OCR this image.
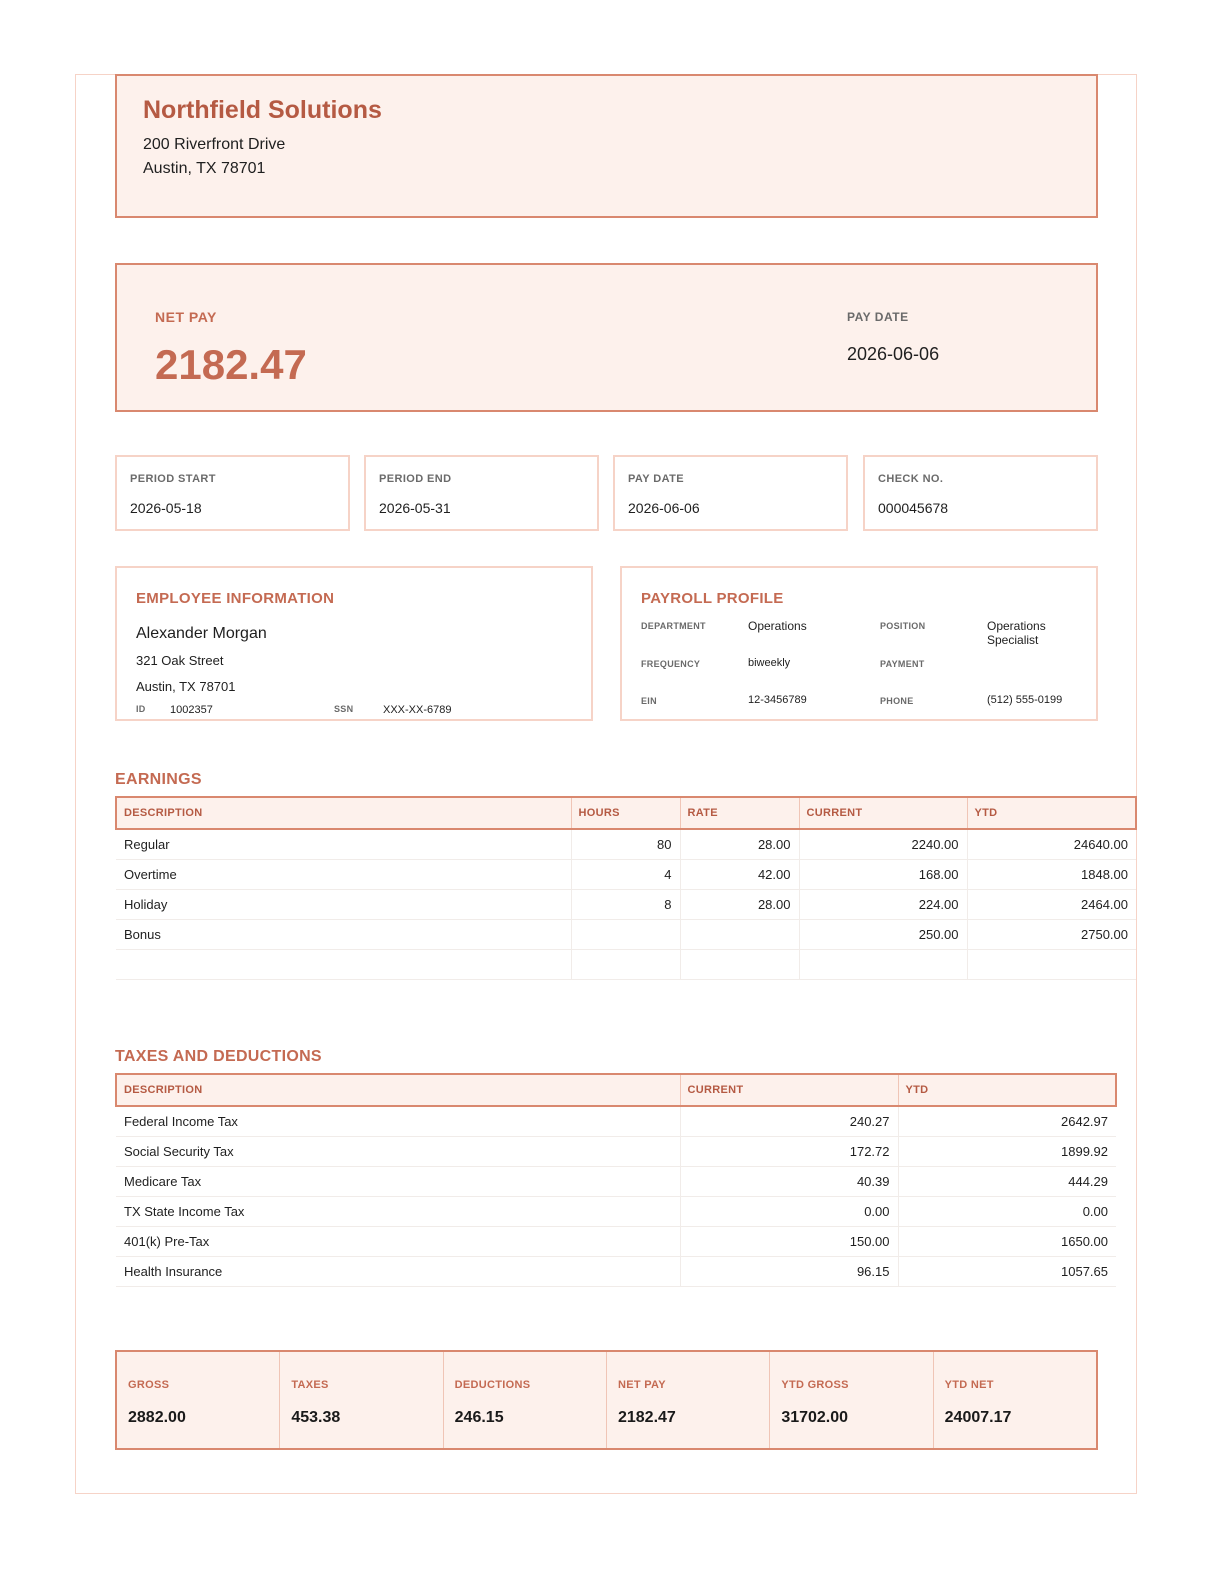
Northfield Solutions
200 Riverfront Drive
Austin, TX 78701
NET PAY
2182.47
PAY DATE
2026-06-06
PERIOD START
2026-05-18
PERIOD END
2026-05-31
PAY DATE
2026-06-06
CHECK NO.
000045678
EMPLOYEE INFORMATION
Alexander Morgan
321 Oak Street
Austin, TX 78701
ID 1002357	SSN	XXX-XX-6789
PAYROLL PROFILE
DEPARTMENT	Operations	POSITION	Operations Specialist
FREQUENCY	biweekly	PAYMENT
EIN	12-3456789	PHONE	(512) 555-0199
EARNINGS
DESCRIPTION	HOURS	RATE	CURRENT	YTD
Regular	80	28.00	2240.00	24640.00
Overtime	4	42.00	168.00	1848.00
Holiday	8	28.00	224.00	2464.00
Bonus			250.00	2750.00

TAXES AND DEDUCTIONS
DESCRIPTION	CURRENT	YTD
Federal Income Tax	240.27	2642.97
Social Security Tax	172.72	1899.92
Medicare Tax	40.39	444.29
TX State Income Tax	0.00	0.00
401(k) Pre-Tax	150.00	1650.00
Health Insurance	96.15	1057.65
GROSS
2882.00
TAXES
453.38
DEDUCTIONS
246.15
NET PAY
2182.47
YTD GROSS
31702.00
YTD NET
24007.17
